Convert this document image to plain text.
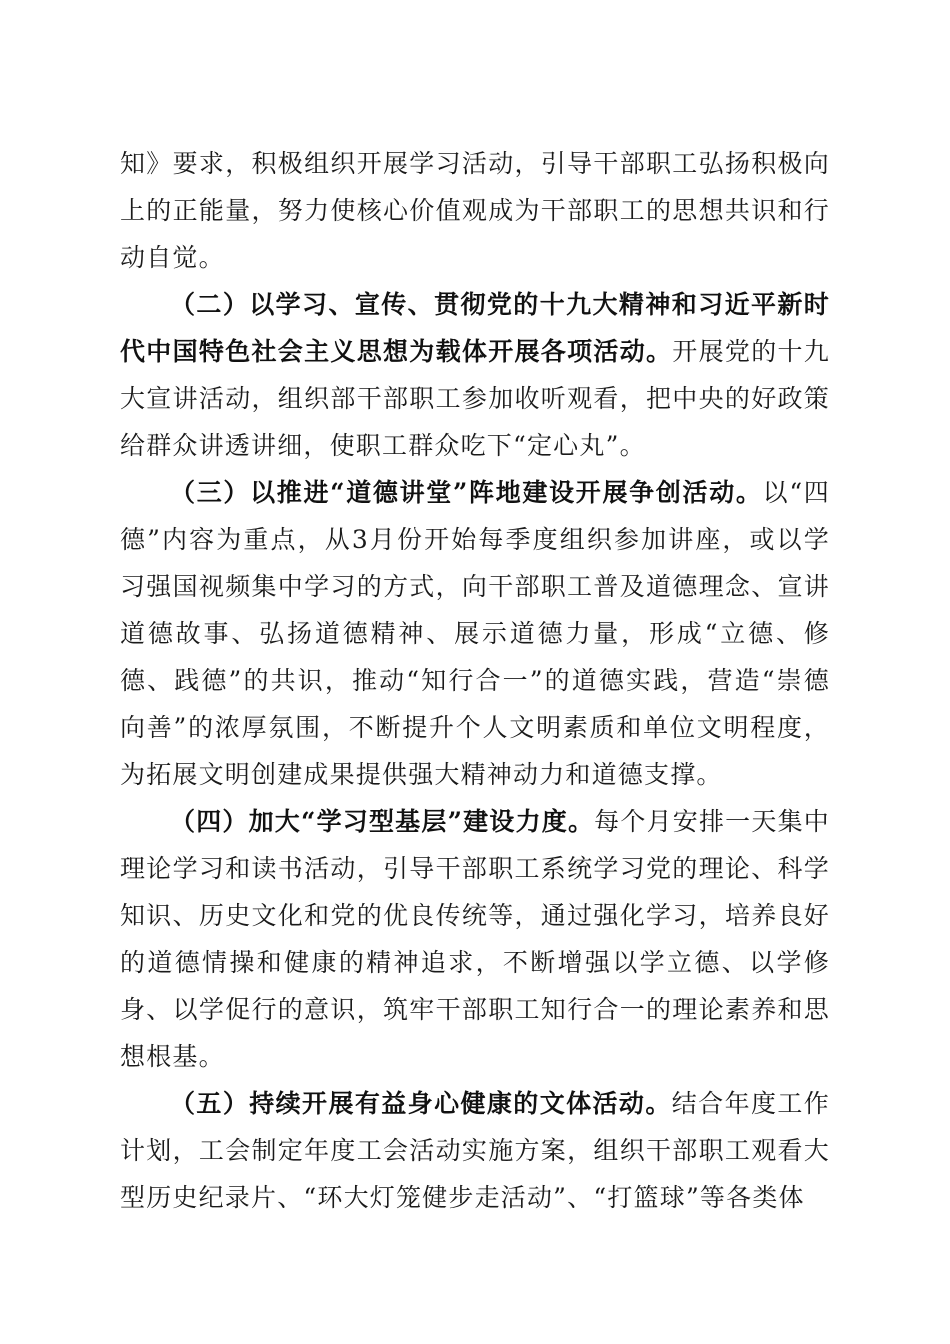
知》要求，积极组织开展学习活动，引导干部职工弘扬积极向上的正能量，努力使核心价值观成为干部职工的思想共识和行动自觉。

（二）以学习、宣传、贯彻党的十九大精神和习近平新时代中国特色社会主义思想为载体开展各项活动。开展党的十九大宣讲活动，组织部干部职工参加收听观看，把中央的好政策给群众讲透讲细，使职工群众吃下“定心丸”。

（三）以推进“道德讲堂”阵地建设开展争创活动。以“四德”内容为重点，从3月份开始每季度组织参加讲座，或以学习强国视频集中学习的方式，向干部职工普及道德理念、宣讲道德故事、弘扬道德精神、展示道德力量，形成“立德、修德、践德”的共识，推动“知行合一”的道德实践，营造“崇德向善”的浓厚氛围，不断提升个人文明素质和单位文明程度，为拓展文明创建成果提供强大精神动力和道德支撑。

（四）加大“学习型基层”建设力度。每个月安排一天集中理论学习和读书活动，引导干部职工系统学习党的理论、科学知识、历史文化和党的优良传统等，通过强化学习，培养良好的道德情操和健康的精神追求，不断增强以学立德、以学修身、以学促行的意识，筑牢干部职工知行合一的理论素养和思想根基。

（五）持续开展有益身心健康的文体活动。结合年度工作计划，工会制定年度工会活动实施方案，组织干部职工观看大型历史纪录片、“环大灯笼健步走活动”、“打篮球”等各类体
